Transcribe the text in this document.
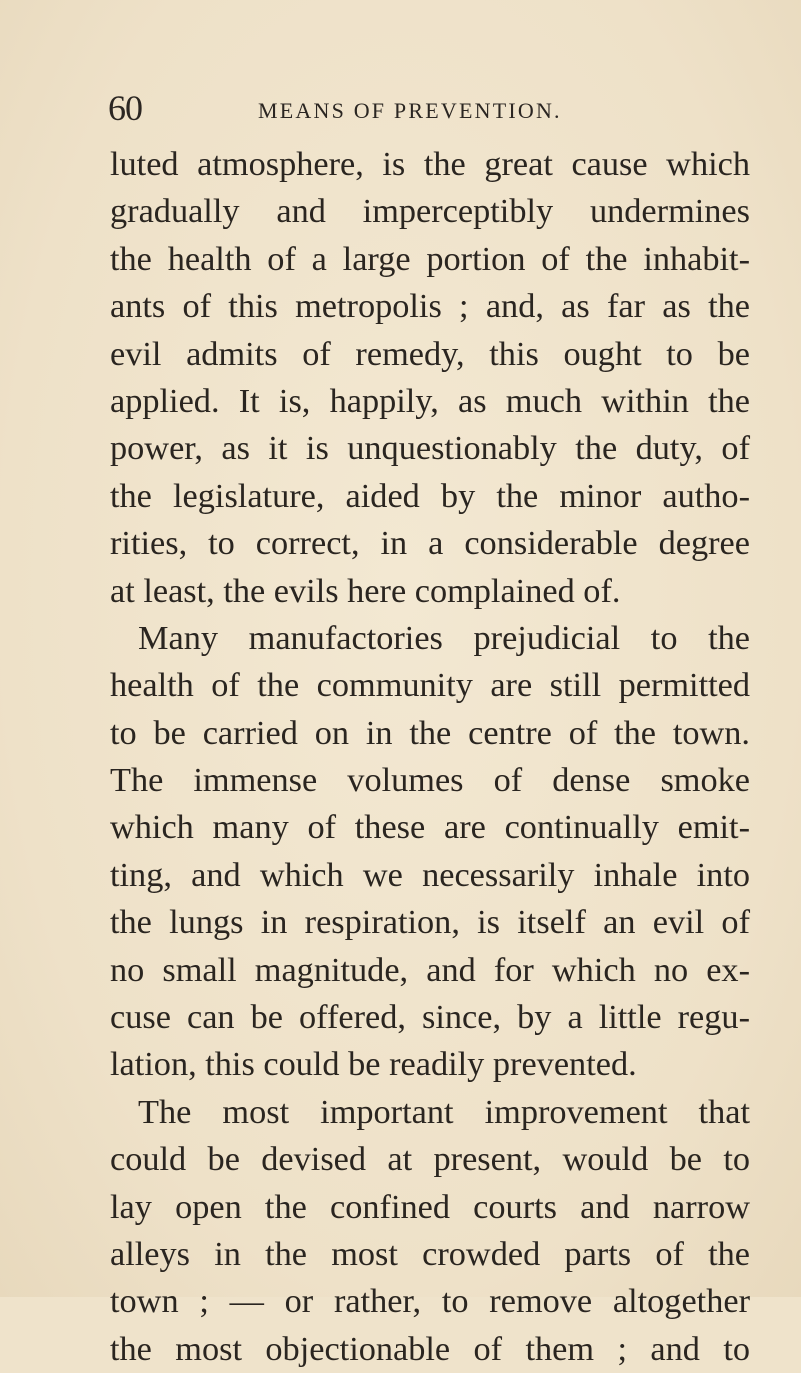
60	MEANS OF PREVENTION.
luted atmosphere, is the great cause which
gradually and imperceptibly undermines
the health of a large portion of the inhabit-
ants of this metropolis ; and, as far as the
evil admits of remedy, this ought to be
applied. It is, happily, as much within the
power, as it is unquestionably the duty, of
the legislature, aided by the minor autho-
rities, to correct, in a considerable degree
at least, the evils here complained of.
Many manufactories prejudicial to the
health of the community are still permitted
to be carried on in the centre of the town.
The immense volumes of dense smoke
which many of these are continually emit-
ting, and which we necessarily inhale into
the lungs in respiration, is itself an evil of
no small magnitude, and for which no ex-
cuse can be offered, since, by a little regu-
lation, this could be readily prevented.
The most important improvement that
could be devised at present, would be to
lay open the confined courts and narrow
alleys in the most crowded parts of the
town ; — or rather, to remove altogether
the most objectionable of them ; and to
